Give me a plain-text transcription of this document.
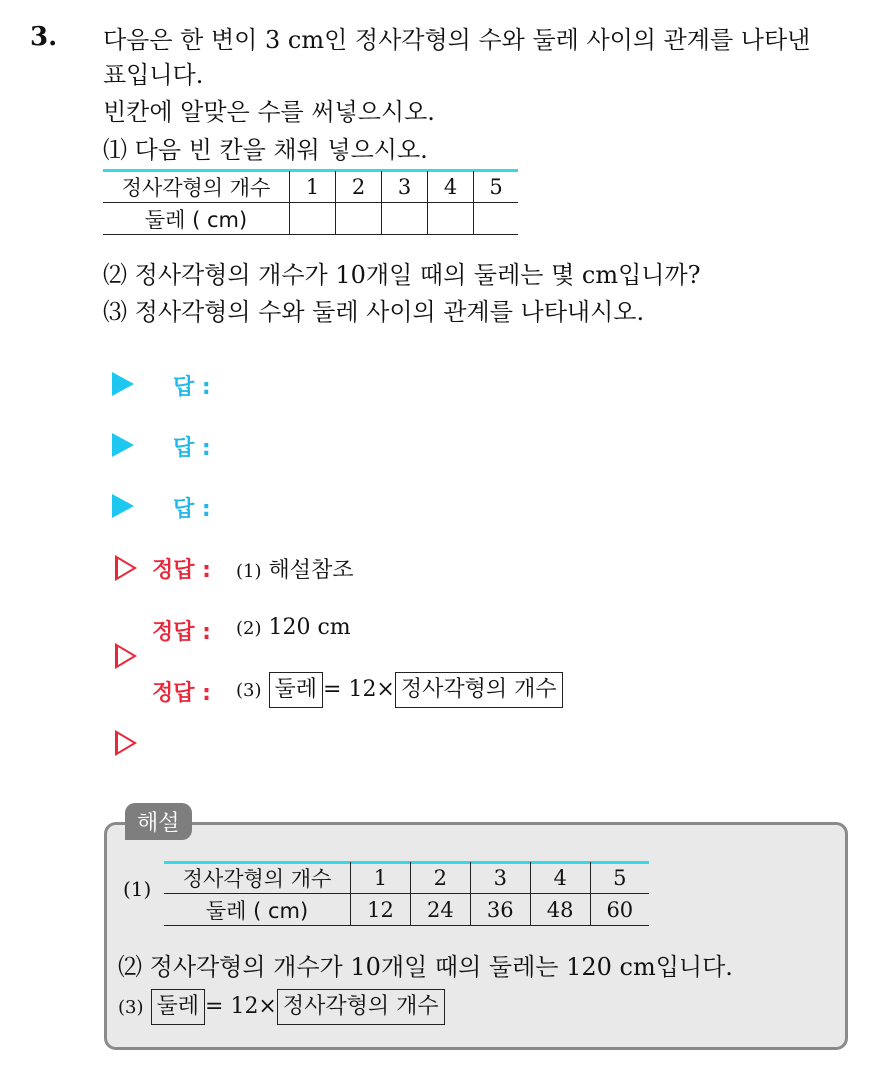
3. 다음은 한 변이 3 cm인 정사각형의 수와 둘레 사이의 관계를 나타낸
표입니다.
빈칸에 알맞은 수를 써넣으시오.
⑴ 다음 빈 칸을 채워 넣으시오.
정사각형의 개수	1	2	3	4	5
둘레 ( cm)					
⑵ 정사각형의 개수가 10개일 때의 둘레는 몇 cm입니까?
⑶ 정사각형의 수와 둘레 사이의 관계를 나타내시오.
답 :
답 :
답 :
정답 : (1) 해설참조
정답 : (2) 120 cm
정답 : (3) 둘레 = 12× 정사각형의 개수
해설
(1) 정사각형의 개수	1	2	3	4	5
둘레 ( cm)	12	24	36	48	60
⑵ 정사각형의 개수가 10개일 때의 둘레는 120 cm입니다.
(3) 둘레 = 12× 정사각형의 개수
